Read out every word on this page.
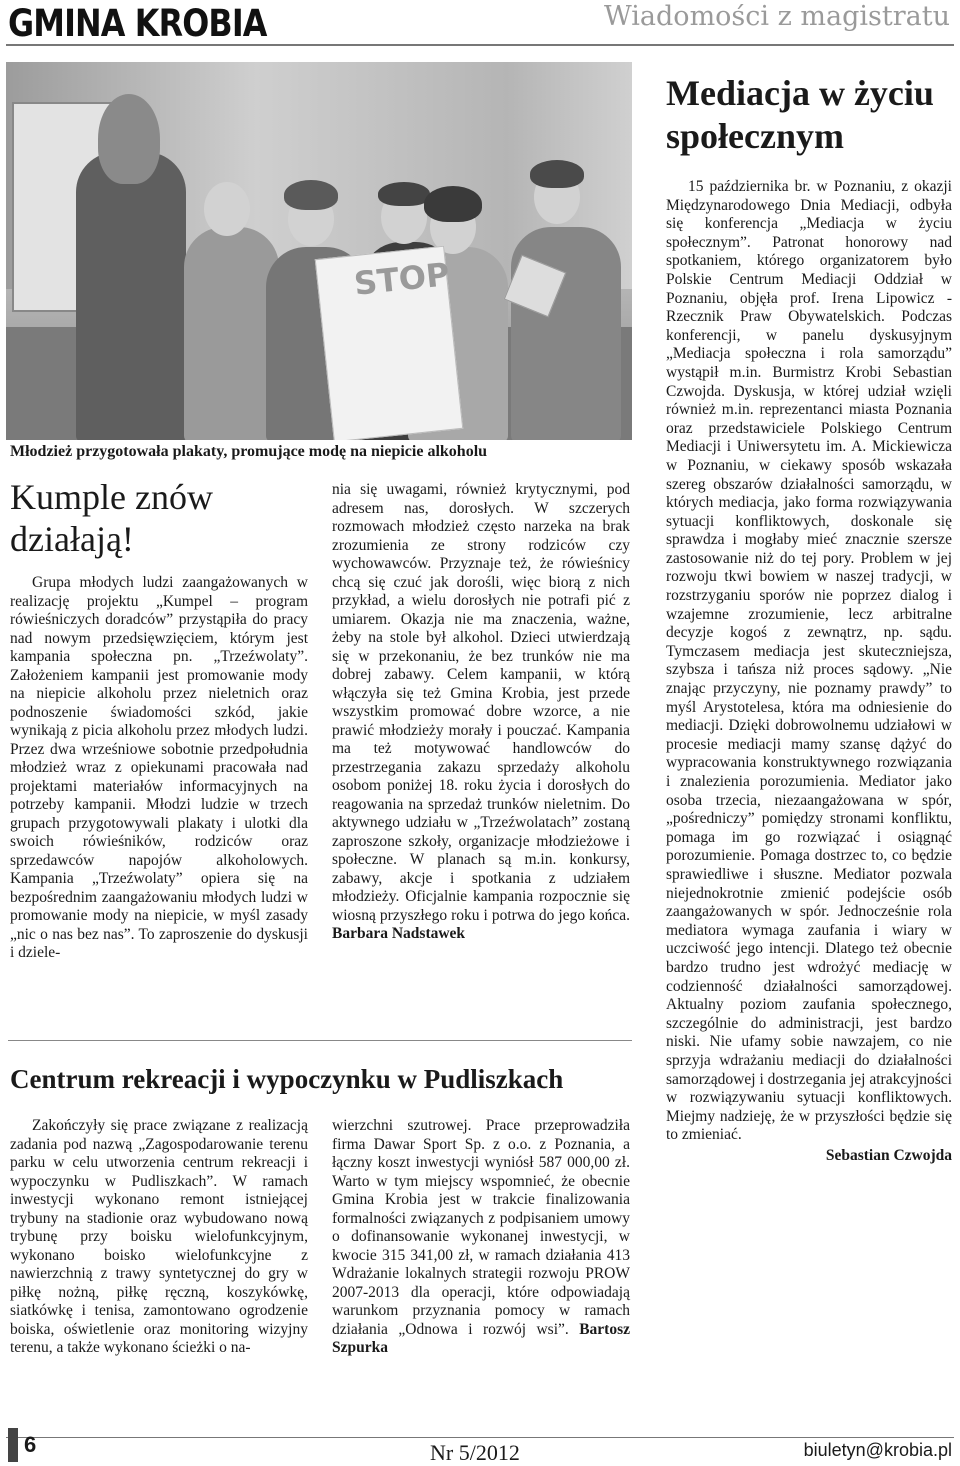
GMINA KROBIA	Wiadomości z magistratu
STOP
Młodzież przygotowała plakaty, promujące modę na niepicie alkoholu
Kumple znów działają!

Grupa młodych ludzi zaangażowanych w realizację projektu „Kumpel – program rówieśniczych doradców” przystąpiła do pracy nad nowym przedsięwzięciem, którym jest kampania społeczna pn. „Trzeźwolaty”. Założeniem kampanii jest promowanie mody na niepicie alkoholu przez nieletnich oraz podnoszenie świadomości szkód, jakie wynikają z picia alkoholu przez młodych ludzi. Przez dwa wrześniowe sobotnie przedpołudnia młodzież wraz z opiekunami pracowała nad projektami materiałów informacyjnych na potrzeby kampanii. Młodzi ludzie w trzech grupach przygotowywali plakaty i ulotki dla swoich rówieśników, rodziców oraz sprzedawców napojów alkoholowych. Kampania „Trzeźwolaty” opiera się na bezpośrednim zaangażowaniu młodych ludzi w promowanie mody na niepicie, w myśl zasady „nic o nas bez nas”. To zaproszenie do dyskusji i dziele-

nia się uwagami, również krytycznymi, pod adresem nas, dorosłych. W szczerych rozmowach młodzież często narzeka na brak zrozumienia ze strony rodziców czy wychowawców. Przyznaje też, że rówieśnicy chcą się czuć jak dorośli, więc biorą z nich przykład, a wielu dorosłych nie potrafi pić z umiarem. Okazja nie ma znaczenia, ważne, żeby na stole był alkohol. Dzieci utwierdzają się w przekonaniu, że bez trunków nie ma dobrej zabawy. Celem kampanii, w którą włączyła się też Gmina Krobia, jest przede wszystkim promować dobre wzorce, a nie prawić młodzieży morały i pouczać. Kampania ma też motywować handlowców do przestrzegania zakazu sprzedaży alkoholu osobom poniżej 18. roku życia i dorosłych do reagowania na sprzedaż trunków nieletnim. Do aktywnego udziału w „Trzeźwolatach” zostaną zaproszone szkoły, organizacje młodzieżowe i społeczne. W planach są m.in. konkursy, zabawy, akcje i spotkania z udziałem młodzieży. Oficjalnie kampania rozpocznie się wiosną przyszłego roku i potrwa do jego końca. Barbara Nadstawek

Centrum rekreacji i wypoczynku w Pudliszkach

Zakończyły się prace związane z realizacją zadania pod nazwą „Zagospodarowanie terenu parku w celu utworzenia centrum rekreacji i wypoczynku w Pudliszkach”. W ramach inwestycji wykonano remont istniejącej trybuny na stadionie oraz wybudowano nową trybunę przy boisku wielofunkcyjnym, wykonano boisko wielofunkcyjne z nawierzchnią z trawy syntetycznej do gry w piłkę nożną, piłkę ręczną, koszykówkę, siatkówkę i tenisa, zamontowano ogrodzenie boiska, oświetlenie oraz monitoring wizyjny terenu, a także wykonano ścieżki o na-

wierzchni szutrowej. Prace przeprowadziła firma Dawar Sport Sp. z o.o. z Poznania, a łączny koszt inwestycji wyniósł 587 000,00 zł. Warto w tym miejscy wspomnieć, że obecnie Gmina Krobia jest w trakcie finalizowania formalności związanych z podpisaniem umowy o dofinansowanie wykonanej inwestycji, w kwocie 315 341,00 zł, w ramach działania 413 Wdrażanie lokalnych strategii rozwoju PROW 2007-2013 dla operacji, które odpowiadają warunkom przyznania pomocy w ramach działania „Odnowa i rozwój wsi”. Bartosz Szpurka

Mediacja w życiu społecznym

15 października br. w Poznaniu, z okazji Międzynarodowego Dnia Mediacji, odbyła się konferencja „Mediacja w życiu społecznym”. Patronat honorowy nad spotkaniem, którego organizatorem było Polskie Centrum Mediacji Oddział w Poznaniu, objęła prof. Irena Lipowicz - Rzecznik Praw Obywatelskich. Podczas konferencji, w panelu dyskusyjnym „Mediacja społeczna i rola samorządu” wystąpił m.in. Burmistrz Krobi Sebastian Czwojda. Dyskusja, w której udział wzięli również m.in. reprezentanci miasta Poznania oraz przedstawiciele Polskiego Centrum Mediacji i Uniwersytetu im. A. Mickiewicza w Poznaniu, w ciekawy sposób wskazała szereg obszarów działalności samorządu, w których mediacja, jako forma rozwiązywania sytuacji konfliktowych, doskonale się sprawdza i mogłaby mieć znacznie szersze zastosowanie niż do tej pory. Problem w jej rozwoju tkwi bowiem w naszej tradycji, w rozstrzyganiu sporów nie poprzez dialog i wzajemne zrozumienie, lecz arbitralne decyzje kogoś z zewnątrz, np. sądu. Tymczasem mediacja jest skuteczniejsza, szybsza i tańsza niż proces sądowy. „Nie znając przyczyny, nie poznamy prawdy” to myśl Arystotelesa, która ma odniesienie do mediacji. Dzięki dobrowolnemu udziałowi w procesie mediacji mamy szansę dążyć do wypracowania konstruktywnego rozwiązania i znalezienia porozumienia. Mediator jako osoba trzecia, niezaangażowana w spór, „pośredniczy” pomiędzy stronami konfliktu, pomaga im go rozwiązać i osiągnąć porozumienie. Pomaga dostrzec to, co będzie sprawiedliwe i słuszne. Mediator pozwala niejednokrotnie zmienić podejście osób zaangażowanych w spór. Jednocześnie rola mediatora wymaga zaufania i wiary w uczciwość jego intencji. Dlatego też obecnie bardzo trudno jest wdrożyć mediację w codzienność działalności samorządowej. Aktualny poziom zaufania społecznego, szczególnie do administracji, jest bardzo niski. Nie ufamy sobie nawzajem, co nie sprzyja wdrażaniu mediacji do działalności samorządowej i dostrzegania jej atrakcyjności w rozwiązywaniu sytuacji konfliktowych. Miejmy nadzieję, że w przyszłości będzie się to zmieniać.

Sebastian Czwojda
6	Nr 5/2012	biuletyn@krobia.pl
